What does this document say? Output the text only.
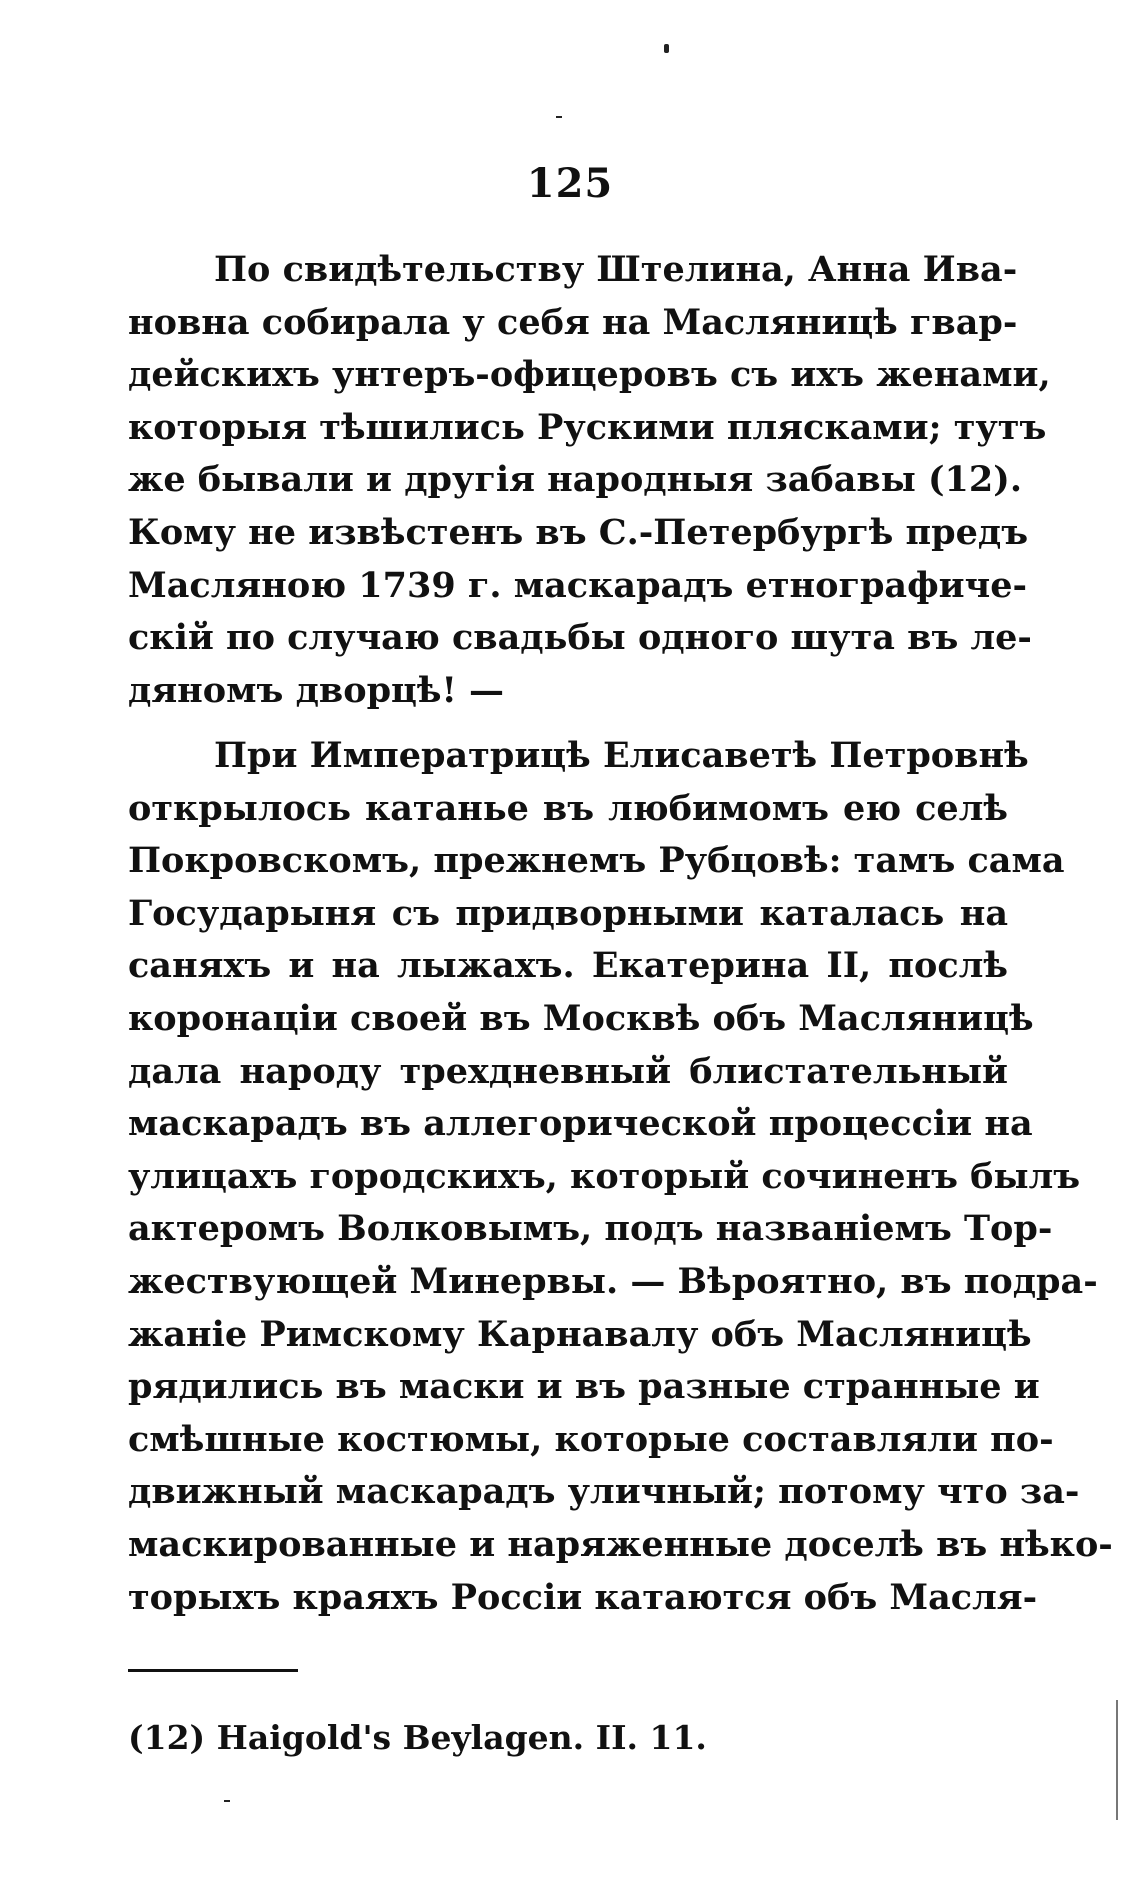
125
По свидѣтельству Штелина, Анна Ива-
новна собирала у себя на Масляницѣ гвар-
дейскихъ унтеръ-офицеровъ съ ихъ женами,
которыя тѣшились Рускими плясками; тутъ
же бывали и другія народныя забавы (12).
Кому не извѣстенъ въ С.-Петербургѣ предъ
Масляною 1739 г. маскарадъ етнографиче-
скій по случаю свадьбы одного шута въ ле-
дяномъ дворцѣ! —
При Императрицѣ Елисаветѣ Петровнѣ
открылось катанье въ любимомъ ею селѣ
Покровскомъ, прежнемъ Рубцовѣ: тамъ сама
Государыня съ придворными каталась на
саняхъ и на лыжахъ. Екатерина II, послѣ
коронаціи своей въ Москвѣ объ Масляницѣ
дала народу трехдневный блистательный
маскарадъ въ аллегорической процессіи на
улицахъ городскихъ, который сочиненъ былъ
актеромъ Волковымъ, подъ названіемъ Тор-
жествующей Минервы. — Вѣроятно, въ подра-
жаніе Римскому Карнавалу объ Масляницѣ
рядились въ маски и въ разные странные и
смѣшные костюмы, которые составляли по-
движный маскарадъ уличный; потому что за-
маскированные и наряженные доселѣ въ нѣко-
торыхъ краяхъ Россіи катаются объ Масля-
(12) Haigold's Beylagen. II. 11.
